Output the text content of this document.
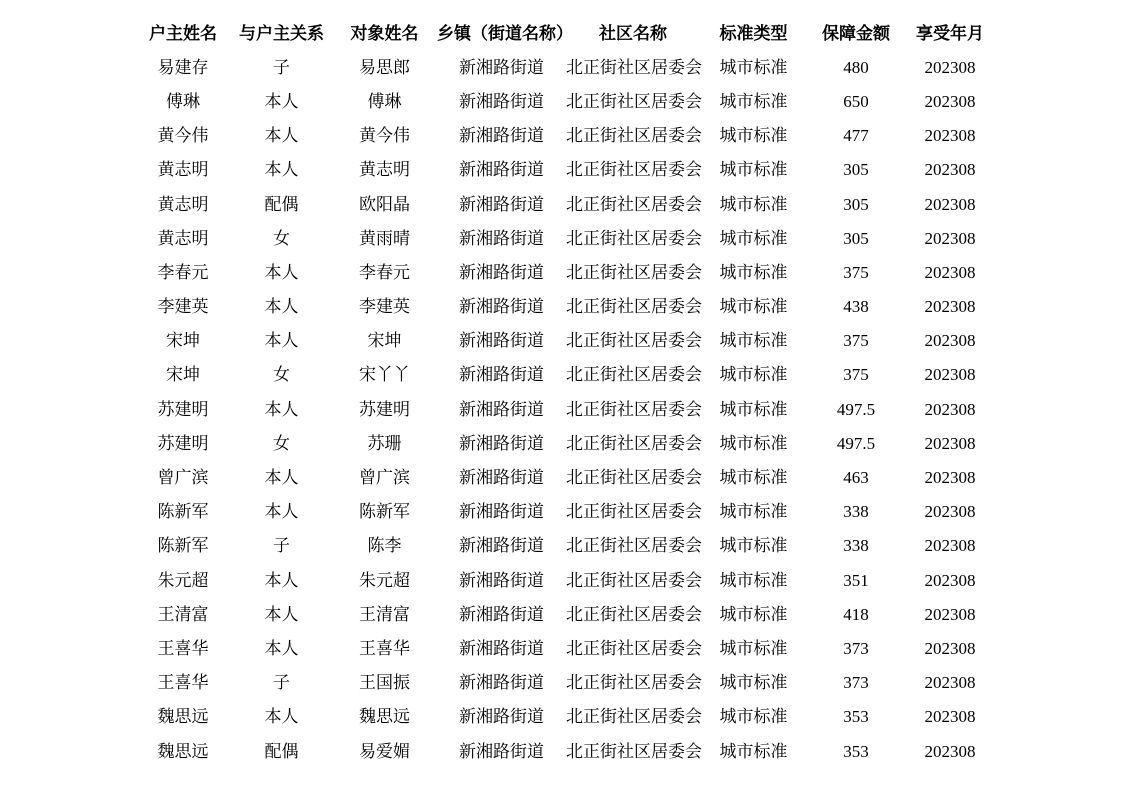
户主姓名	与户主关系	对象姓名	乡镇（街道名称）	社区名称	标准类型	保障金额	享受年月
易建存	子	易思郎	新湘路街道	北正街社区居委会	城市标准	480	202308
傅琳	本人	傅琳	新湘路街道	北正街社区居委会	城市标准	650	202308
黄今伟	本人	黄今伟	新湘路街道	北正街社区居委会	城市标准	477	202308
黄志明	本人	黄志明	新湘路街道	北正街社区居委会	城市标准	305	202308
黄志明	配偶	欧阳晶	新湘路街道	北正街社区居委会	城市标准	305	202308
黄志明	女	黄雨晴	新湘路街道	北正街社区居委会	城市标准	305	202308
李春元	本人	李春元	新湘路街道	北正街社区居委会	城市标准	375	202308
李建英	本人	李建英	新湘路街道	北正街社区居委会	城市标准	438	202308
宋坤	本人	宋坤	新湘路街道	北正街社区居委会	城市标准	375	202308
宋坤	女	宋丫丫	新湘路街道	北正街社区居委会	城市标准	375	202308
苏建明	本人	苏建明	新湘路街道	北正街社区居委会	城市标准	497.5	202308
苏建明	女	苏珊	新湘路街道	北正街社区居委会	城市标准	497.5	202308
曾广滨	本人	曾广滨	新湘路街道	北正街社区居委会	城市标准	463	202308
陈新军	本人	陈新军	新湘路街道	北正街社区居委会	城市标准	338	202308
陈新军	子	陈李	新湘路街道	北正街社区居委会	城市标准	338	202308
朱元超	本人	朱元超	新湘路街道	北正街社区居委会	城市标准	351	202308
王清富	本人	王清富	新湘路街道	北正街社区居委会	城市标准	418	202308
王喜华	本人	王喜华	新湘路街道	北正街社区居委会	城市标准	373	202308
王喜华	子	王国振	新湘路街道	北正街社区居委会	城市标准	373	202308
魏思远	本人	魏思远	新湘路街道	北正街社区居委会	城市标准	353	202308
魏思远	配偶	易爱媚	新湘路街道	北正街社区居委会	城市标准	353	202308
